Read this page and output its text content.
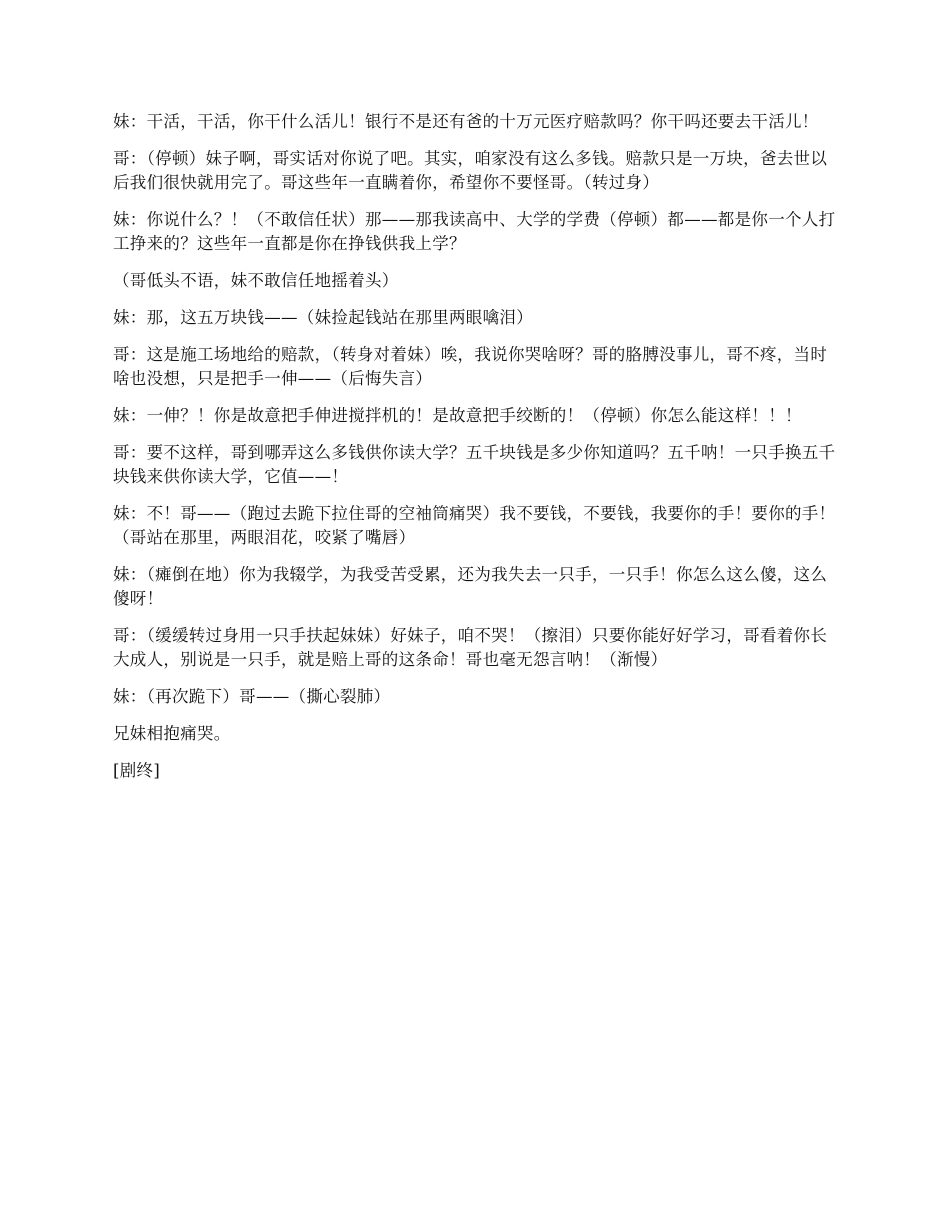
妹：干活，干活，你干什么活儿！银行不是还有爸的十万元医疗赔款吗？你干吗还要去干活儿！

哥：（停顿）妹子啊，哥实话对你说了吧。其实，咱家没有这么多钱。赔款只是一万块，爸去世以后我们很快就用完了。哥这些年一直瞒着你，希望你不要怪哥。（转过身）

妹：你说什么？！（不敢信任状）那——那我读高中、大学的学费（停顿）都——都是你一个人打工挣来的？这些年一直都是你在挣钱供我上学？

（哥低头不语，妹不敢信任地摇着头）

妹：那，这五万块钱——（妹捡起钱站在那里两眼噙泪）

哥：这是施工场地给的赔款，（转身对着妹）唉，我说你哭啥呀？哥的胳膊没事儿，哥不疼，当时啥也没想，只是把手一伸——（后悔失言）

妹：一伸？！你是故意把手伸进搅拌机的！是故意把手绞断的！（停顿）你怎么能这样！！！

哥：要不这样，哥到哪弄这么多钱供你读大学？五千块钱是多少你知道吗？五千呐！一只手换五千块钱来供你读大学，它值——！

妹：不！哥——（跑过去跪下拉住哥的空袖筒痛哭）我不要钱，不要钱，我要你的手！要你的手！（哥站在那里，两眼泪花，咬紧了嘴唇）

妹：（瘫倒在地）你为我辍学，为我受苦受累，还为我失去一只手，一只手！你怎么这么傻，这么傻呀！

哥：（缓缓转过身用一只手扶起妹妹）好妹子，咱不哭！（擦泪）只要你能好好学习，哥看着你长大成人，别说是一只手，就是赔上哥的这条命！哥也毫无怨言呐！（渐慢）

妹：（再次跪下）哥——（撕心裂肺）

兄妹相抱痛哭。

[剧终]
